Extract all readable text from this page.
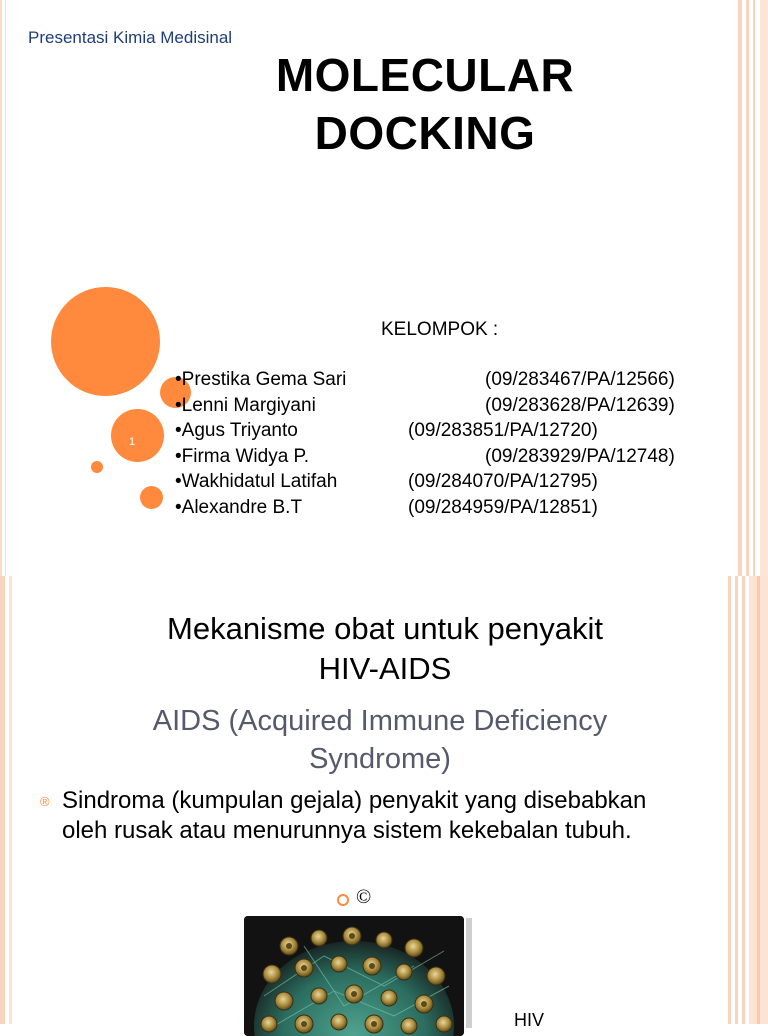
Presentasi Kimia Medisinal
MOLECULAR
DOCKING
1
KELOMPOK :
•Prestika Gema Sari	(09/283467/PA/12566)
•Lenni Margiyani	(09/283628/PA/12639)
•Agus Triyanto	(09/283851/PA/12720)
•Firma Widya P.	(09/283929/PA/12748)
•Wakhidatul Latifah	(09/284070/PA/12795)
•Alexandre B.T	(09/284959/PA/12851)
Mekanisme obat untuk penyakit
HIV-AIDS
AIDS (Acquired Immune Deficiency
Syndrome)
® Sindroma (kumpulan gejala) penyakit yang disebabkan oleh rusak atau menurunnya sistem kekebalan tubuh.
©
HIV
